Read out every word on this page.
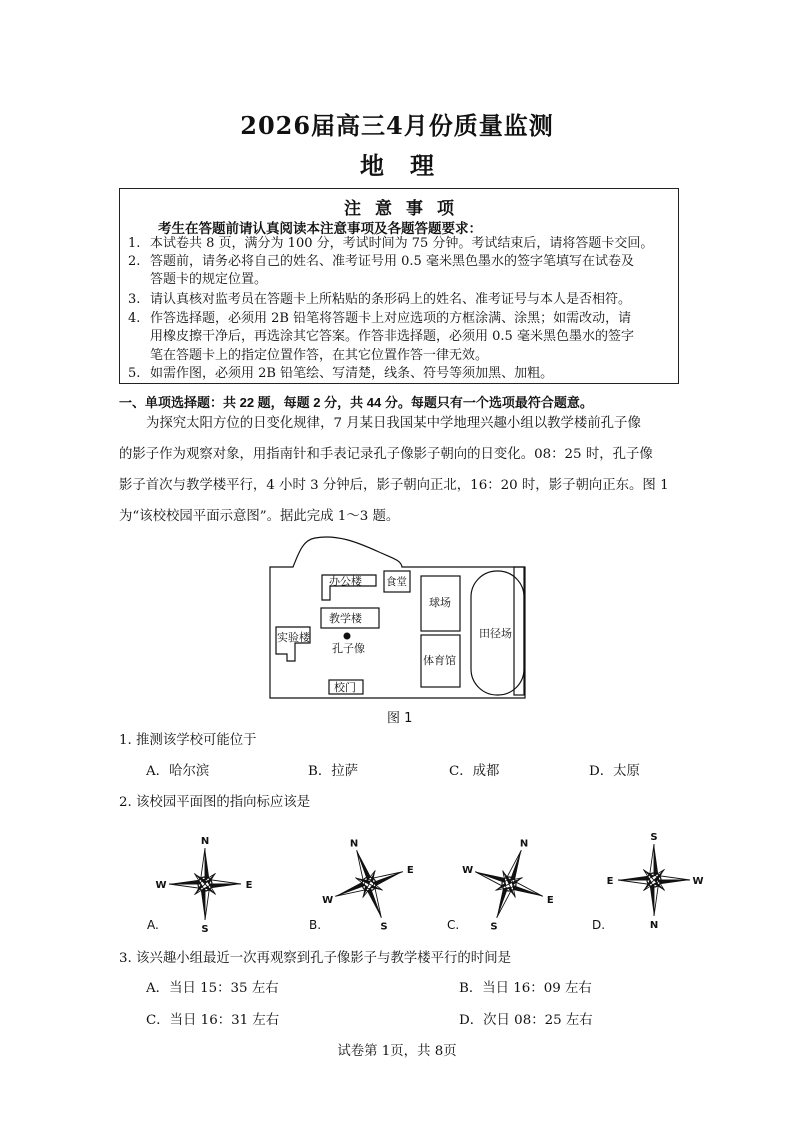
2026届高三4月份质量监测
地理
注意事项
考生在答题前请认真阅读本注意事项及各题答题要求：
1. 本试卷共 8 页，满分为 100 分，考试时间为 75 分钟。考试结束后，请将答题卡交回。
2. 答题前，请务必将自己的姓名、准考证号用 0.5 毫米黑色墨水的签字笔填写在试卷及
答题卡的规定位置。
3. 请认真核对监考员在答题卡上所粘贴的条形码上的姓名、准考证号与本人是否相符。
4. 作答选择题，必须用 2B 铅笔将答题卡上对应选项的方框涂满、涂黑；如需改动，请
用橡皮擦干净后，再选涂其它答案。作答非选择题，必须用 0.5 毫米黑色墨水的签字
笔在答题卡上的指定位置作答，在其它位置作答一律无效。
5. 如需作图，必须用 2B 铅笔绘、写清楚，线条、符号等须加黑、加粗。
一、单项选择题：共 22 题，每题 2 分，共 44 分。每题只有一个选项最符合题意。
为探究太阳方位的日变化规律，7 月某日我国某中学地理兴趣小组以教学楼前孔子像
的影子作为观察对象，用指南针和手表记录孔子像影子朝向的日变化。08：25 时，孔子像
影子首次与教学楼平行，4 小时 3 分钟后，影子朝向正北，16：20 时，影子朝向正东。图 1
为“该校校园平面示意图”。据此完成 1～3 题。
办公楼 食堂
教学楼
实验楼
孔子像
校门
球场
体育馆
田径场
图 1
1. 推测该学校可能位于
A．哈尔滨	B．拉萨	C．成都	D．太原
2. 该校园平面图的指向标应该是
N
E
S
W
A.
N
E
S
W
B.
N
E
S
W
C.
W
N
E
S
D.
3. 该兴趣小组最近一次再观察到孔子像影子与教学楼平行的时间是
A．当日 15：35 左右	B．当日 16：09 左右
C．当日 16：31 左右	D．次日 08：25 左右
试卷第 1页，共 8页
